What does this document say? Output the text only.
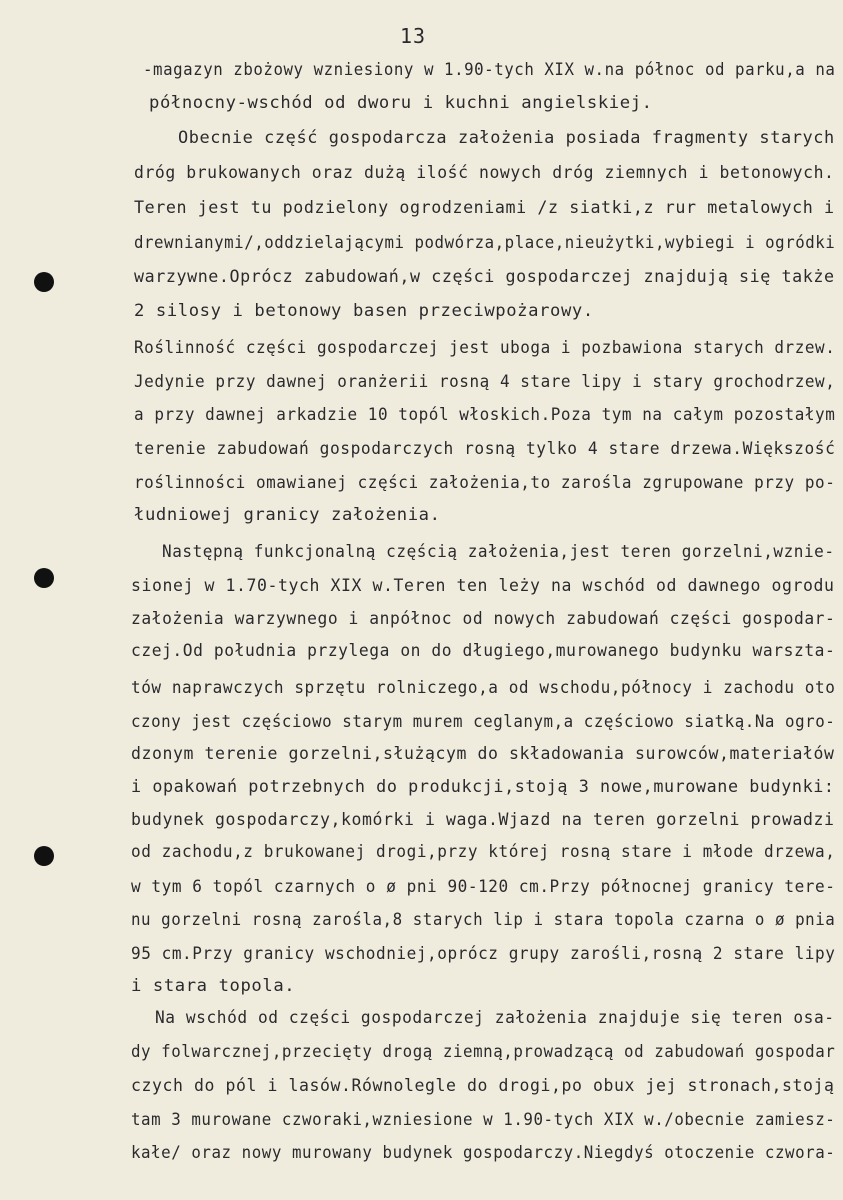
13
-magazyn zbożowy wzniesiony w 1.90-tych XIX w.na północ od parku,a na
północny-wschód od dworu i kuchni angielskiej.
Obecnie część gospodarcza założenia posiada fragmenty starych
dróg brukowanych oraz dużą ilość nowych dróg ziemnych i betonowych.
Teren jest tu podzielony ogrodzeniami /z siatki,z rur metalowych i
drewnianymi/,oddzielającymi podwórza,place,nieużytki,wybiegi i ogródki
warzywne.Oprócz zabudowań,w części gospodarczej znajdują się także
2 silosy i betonowy basen przeciwpożarowy.
Roślinność części gospodarczej jest uboga i pozbawiona starych drzew.
Jedynie przy dawnej oranżerii rosną 4 stare lipy i stary grochodrzew,
a przy dawnej arkadzie 10 topól włoskich.Poza tym na całym pozostałym
terenie zabudowań gospodarczych rosną tylko 4 stare drzewa.Większość
roślinności omawianej części założenia,to zarośla zgrupowane przy po-
łudniowej granicy założenia.
Następną funkcjonalną częścią założenia,jest teren gorzelni,wznie-
sionej w 1.70-tych XIX w.Teren ten leży na wschód od dawnego ogrodu
założenia warzywnego i anpółnoc od nowych zabudowań części gospodar-
czej.Od południa przylega on do długiego,murowanego budynku warszta-
tów naprawczych sprzętu rolniczego,a od wschodu,północy i zachodu oto
czony jest częściowo starym murem ceglanym,a częściowo siatką.Na ogro-
dzonym terenie gorzelni,służącym do składowania surowców,materiałów
i opakowań potrzebnych do produkcji,stoją 3 nowe,murowane budynki:
budynek gospodarczy,komórki i waga.Wjazd na teren gorzelni prowadzi
od zachodu,z brukowanej drogi,przy której rosną stare i młode drzewa,
w tym 6 topól czarnych o ø pni 90-120 cm.Przy północnej granicy tere-
nu gorzelni rosną zarośla,8 starych lip i stara topola czarna o ø pnia
95 cm.Przy granicy wschodniej,oprócz grupy zarośli,rosną 2 stare lipy
i stara topola.
Na wschód od części gospodarczej założenia znajduje się teren osa-
dy folwarcznej,przecięty drogą ziemną,prowadzącą od zabudowań gospodar
czych do pól i lasów.Równolegle do drogi,po obux jej stronach,stoją
tam 3 murowane czworaki,wzniesione w 1.90-tych XIX w./obecnie zamiesz-
kałe/ oraz nowy murowany budynek gospodarczy.Niegdyś otoczenie czwora-
